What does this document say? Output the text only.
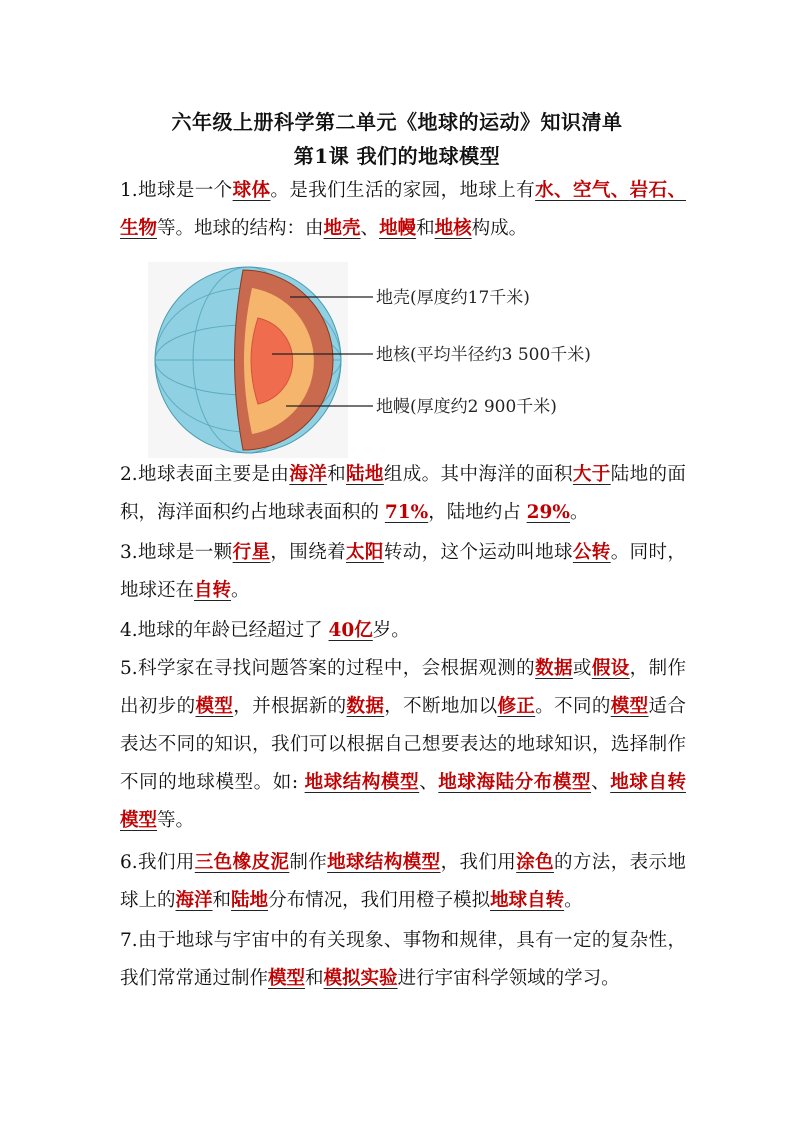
六年级上册科学第二单元《地球的运动》知识清单
第1课 我们的地球模型
1.地球是一个球体。是我们生活的家园，地球上有水、空气、岩石、生物等。地球的结构：由地壳、地幔和地核构成。
地壳(厚度约17千米)
地核(平均半径约3 500千米)
地幔(厚度约2 900千米)
2.地球表面主要是由海洋和陆地组成。其中海洋的面积大于陆地的面积，海洋面积约占地球表面积的 71%，陆地约占 29%。
3.地球是一颗行星，围绕着太阳转动，这个运动叫地球公转。同时，地球还在自转。
4.地球的年龄已经超过了 40亿岁。
5.科学家在寻找问题答案的过程中，会根据观测的数据或假设，制作出初步的模型，并根据新的数据，不断地加以修正。不同的模型适合表达不同的知识，我们可以根据自己想要表达的地球知识，选择制作不同的地球模型。如: 地球结构模型、地球海陆分布模型、地球自转模型等。
6.我们用三色橡皮泥制作地球结构模型，我们用涂色的方法，表示地球上的海洋和陆地分布情况，我们用橙子模拟地球自转。
7.由于地球与宇宙中的有关现象、事物和规律，具有一定的复杂性，我们常常通过制作模型和模拟实验进行宇宙科学领域的学习。
